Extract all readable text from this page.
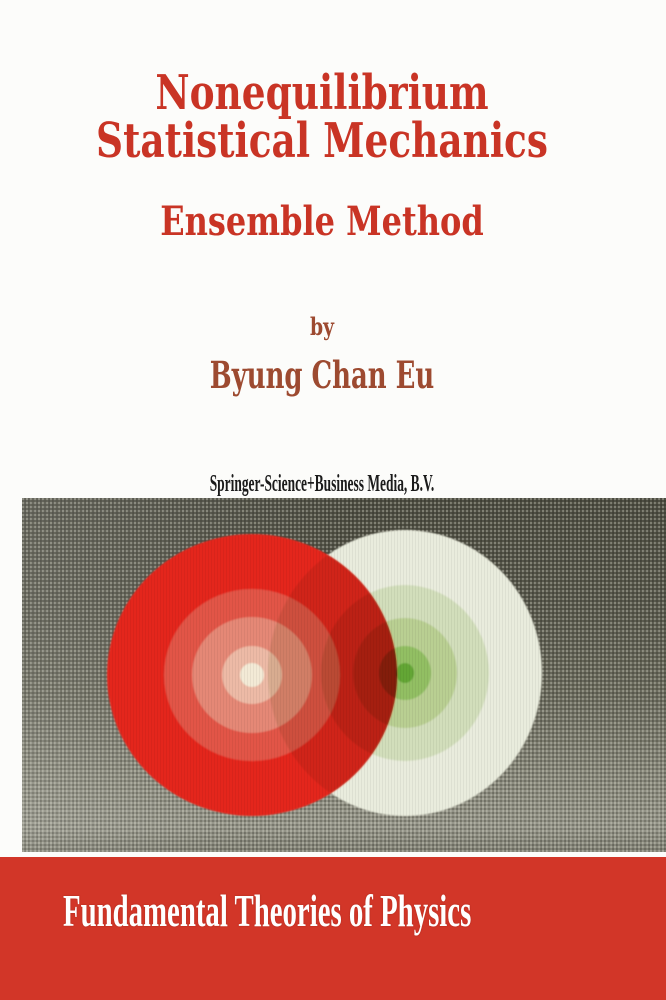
Nonequilibrium
Statistical Mechanics
Ensemble Method
by
Byung Chan Eu
Springer-Science+Business Media, B.V.
Fundamental Theories of Physics
